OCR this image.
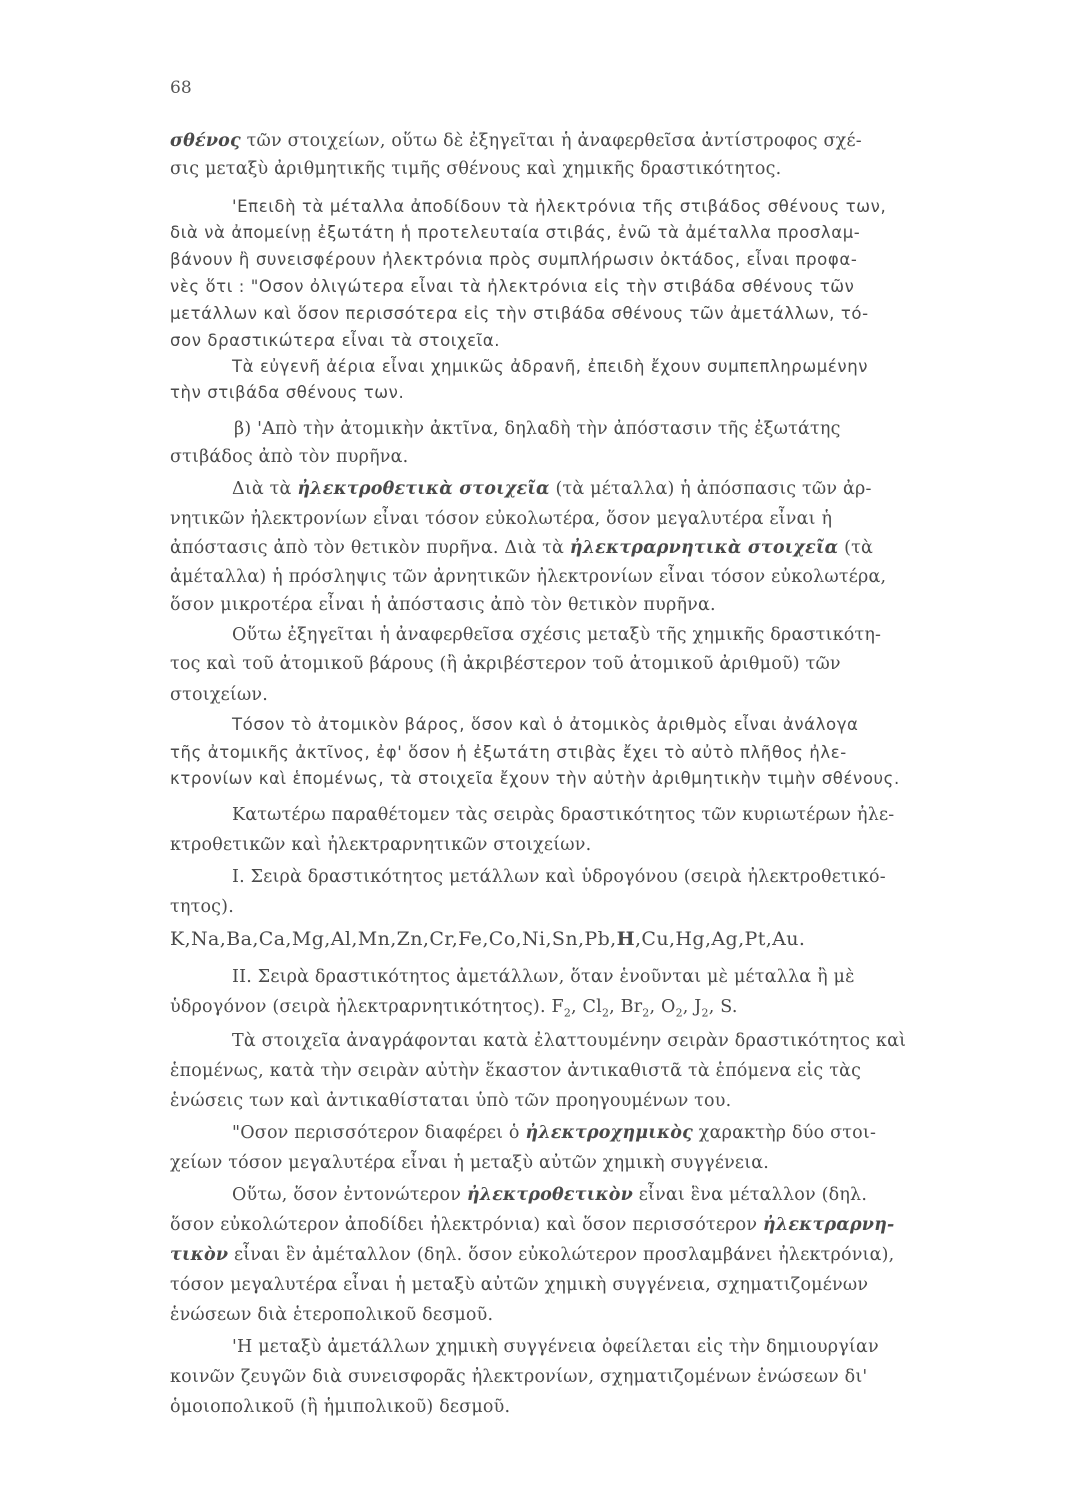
68
σθένος τῶν στοιχείων, οὕτω δὲ ἐξηγεῖται ἡ ἀναφερθεῖσα ἀντίστροφος σχέ-
σις μεταξὺ ἀριθμητικῆς τιμῆς σθένους καὶ χημικῆς δραστικότητος.
'Επειδὴ τὰ μέταλλα ἀποδίδουν τὰ ἠλεκτρόνια τῆς στιβάδος σθένους των,
διὰ νὰ ἀπομείνῃ ἐξωτάτη ἡ προτελευταία στιβάς, ἐνῶ τὰ ἀμέταλλα προσλαμ-
βάνουν ἢ συνεισφέρουν ἠλεκτρόνια πρὸς συμπλήρωσιν ὀκτάδος, εἶναι προφα-
νὲς ὅτι : "Οσον ὀλιγώτερα εἶναι τὰ ἠλεκτρόνια εἰς τὴν στιβάδα σθένους τῶν
μετάλλων καὶ ὅσον περισσότερα εἰς τὴν στιβάδα σθένους τῶν ἀμετάλλων, τό-
σον δραστικώτερα εἶναι τὰ στοιχεῖα.
Τὰ εὐγενῆ ἀέρια εἶναι χημικῶς ἀδρανῆ, ἐπειδὴ ἔχουν συμπεπληρωμένην
τὴν στιβάδα σθένους των.
β) 'Απὸ τὴν ἀτομικὴν ἀκτῖνα, δηλαδὴ τὴν ἀπόστασιν τῆς ἐξωτάτης
στιβάδος ἀπὸ τὸν πυρῆνα.
Διὰ τὰ ἠλεκτροθετικὰ στοιχεῖα (τὰ μέταλλα) ἡ ἀπόσπασις τῶν ἀρ-
νητικῶν ἠλεκτρονίων εἶναι τόσον εὐκολωτέρα, ὅσον μεγαλυτέρα εἶναι ἡ
ἀπόστασις ἀπὸ τὸν θετικὸν πυρῆνα. Διὰ τὰ ἠλεκτραρνητικὰ στοιχεῖα (τὰ
ἀμέταλλα) ἡ πρόσληψις τῶν ἀρνητικῶν ἠλεκτρονίων εἶναι τόσον εὐκολωτέρα,
ὅσον μικροτέρα εἶναι ἡ ἀπόστασις ἀπὸ τὸν θετικὸν πυρῆνα.
Οὕτω ἐξηγεῖται ἡ ἀναφερθεῖσα σχέσις μεταξὺ τῆς χημικῆς δραστικότη-
τος καὶ τοῦ ἀτομικοῦ βάρους (ἢ ἀκριβέστερον τοῦ ἀτομικοῦ ἀριθμοῦ) τῶν
στοιχείων.
Τόσον τὸ ἀτομικὸν βάρος, ὅσον καὶ ὁ ἀτομικὸς ἀριθμὸς εἶναι ἀνάλογα
τῆς ἀτομικῆς ἀκτῖνος, ἐφ' ὅσον ἡ ἐξωτάτη στιβὰς ἔχει τὸ αὐτὸ πλῆθος ἠλε-
κτρονίων καὶ ἑπομένως, τὰ στοιχεῖα ἔχουν τὴν αὐτὴν ἀριθμητικὴν τιμὴν σθένους.
Κατωτέρω παραθέτομεν τὰς σειρὰς δραστικότητος τῶν κυριωτέρων ἠλε-
κτροθετικῶν καὶ ἠλεκτραρνητικῶν στοιχείων.
I. Σειρὰ δραστικότητος μετάλλων καὶ ὑδρογόνου (σειρὰ ἠλεκτροθετικό-
τητος).
K,Na,Ba,Ca,Mg,Al,Mn,Zn,Cr,Fe,Co,Ni,Sn,Pb,H,Cu,Hg,Ag,Pt,Au.
II. Σειρὰ δραστικότητος ἀμετάλλων, ὅταν ἑνοῦνται μὲ μέταλλα ἢ μὲ
ὑδρογόνον (σειρὰ ἠλεκτραρνητικότητος). $F_2$, $Cl_2$, $Br_2$, $O_2$, $J_2$, S.
Τὰ στοιχεῖα ἀναγράφονται κατὰ ἐλαττουμένην σειρὰν δραστικότητος καὶ
ἑπομένως, κατὰ τὴν σειρὰν αὐτὴν ἕκαστον ἀντικαθιστᾶ τὰ ἑπόμενα εἰς τὰς
ἑνώσεις των καὶ ἀντικαθίσταται ὑπὸ τῶν προηγουμένων του.
"Οσον περισσότερον διαφέρει ὁ ἠλεκτροχημικὸς χαρακτὴρ δύο στοι-
χείων τόσον μεγαλυτέρα εἶναι ἡ μεταξὺ αὐτῶν χημικὴ συγγένεια.
Οὕτω, ὅσον ἐντονώτερον ἠλεκτροθετικὸν εἶναι ἓνα μέταλλον (δηλ.
ὅσον εὐκολώτερον ἀποδίδει ἠλεκτρόνια) καὶ ὅσον περισσότερον ἠλεκτραρνη-
τικὸν εἶναι ἓν ἀμέταλλον (δηλ. ὅσον εὐκολώτερον προσλαμβάνει ἠλεκτρόνια),
τόσον μεγαλυτέρα εἶναι ἡ μεταξὺ αὐτῶν χημικὴ συγγένεια, σχηματιζομένων
ἑνώσεων διὰ ἑτεροπολικοῦ δεσμοῦ.
'Η μεταξὺ ἀμετάλλων χημικὴ συγγένεια ὀφείλεται εἰς τὴν δημιουργίαν
κοινῶν ζευγῶν διὰ συνεισφορᾶς ἠλεκτρονίων, σχηματιζομένων ἑνώσεων δι'
ὁμοιοπολικοῦ (ἢ ἡμιπολικοῦ) δεσμοῦ.
